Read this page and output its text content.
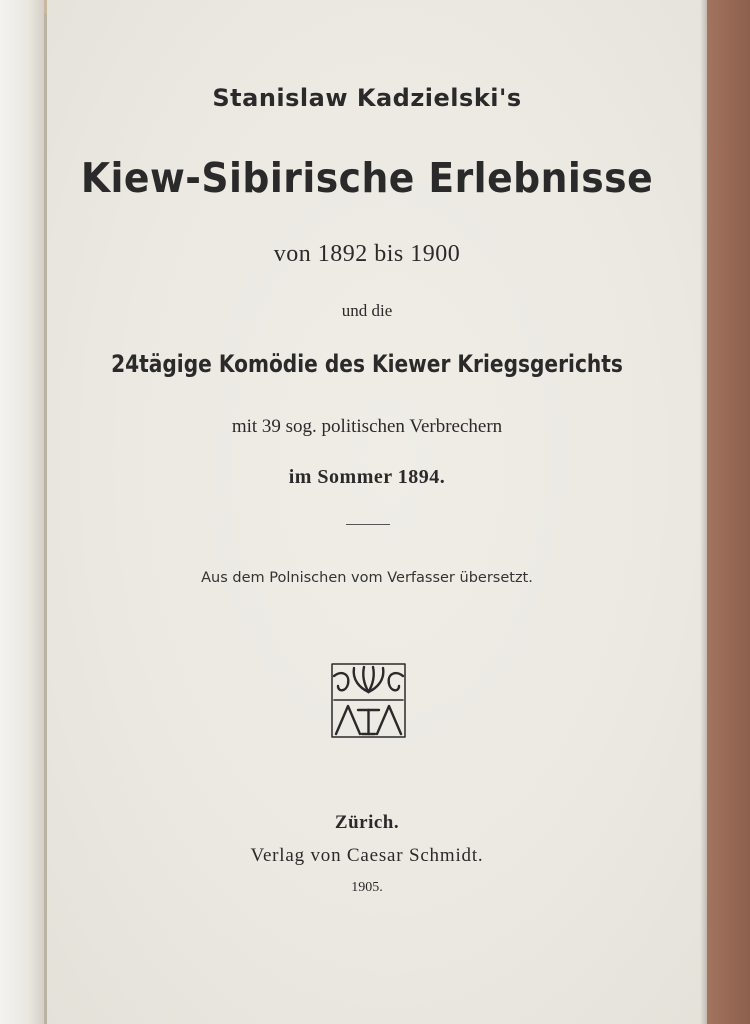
Stanislaw Kadzielski's
Kiew-Sibirische Erlebnisse
von 1892 bis 1900
und die
24tägige Komödie des Kiewer Kriegsgerichts
mit 39 sog. politischen Verbrechern
im Sommer 1894.
Aus dem Polnischen vom Verfasser übersetzt.
Zürich.
Verlag von Caesar Schmidt.
1905.
